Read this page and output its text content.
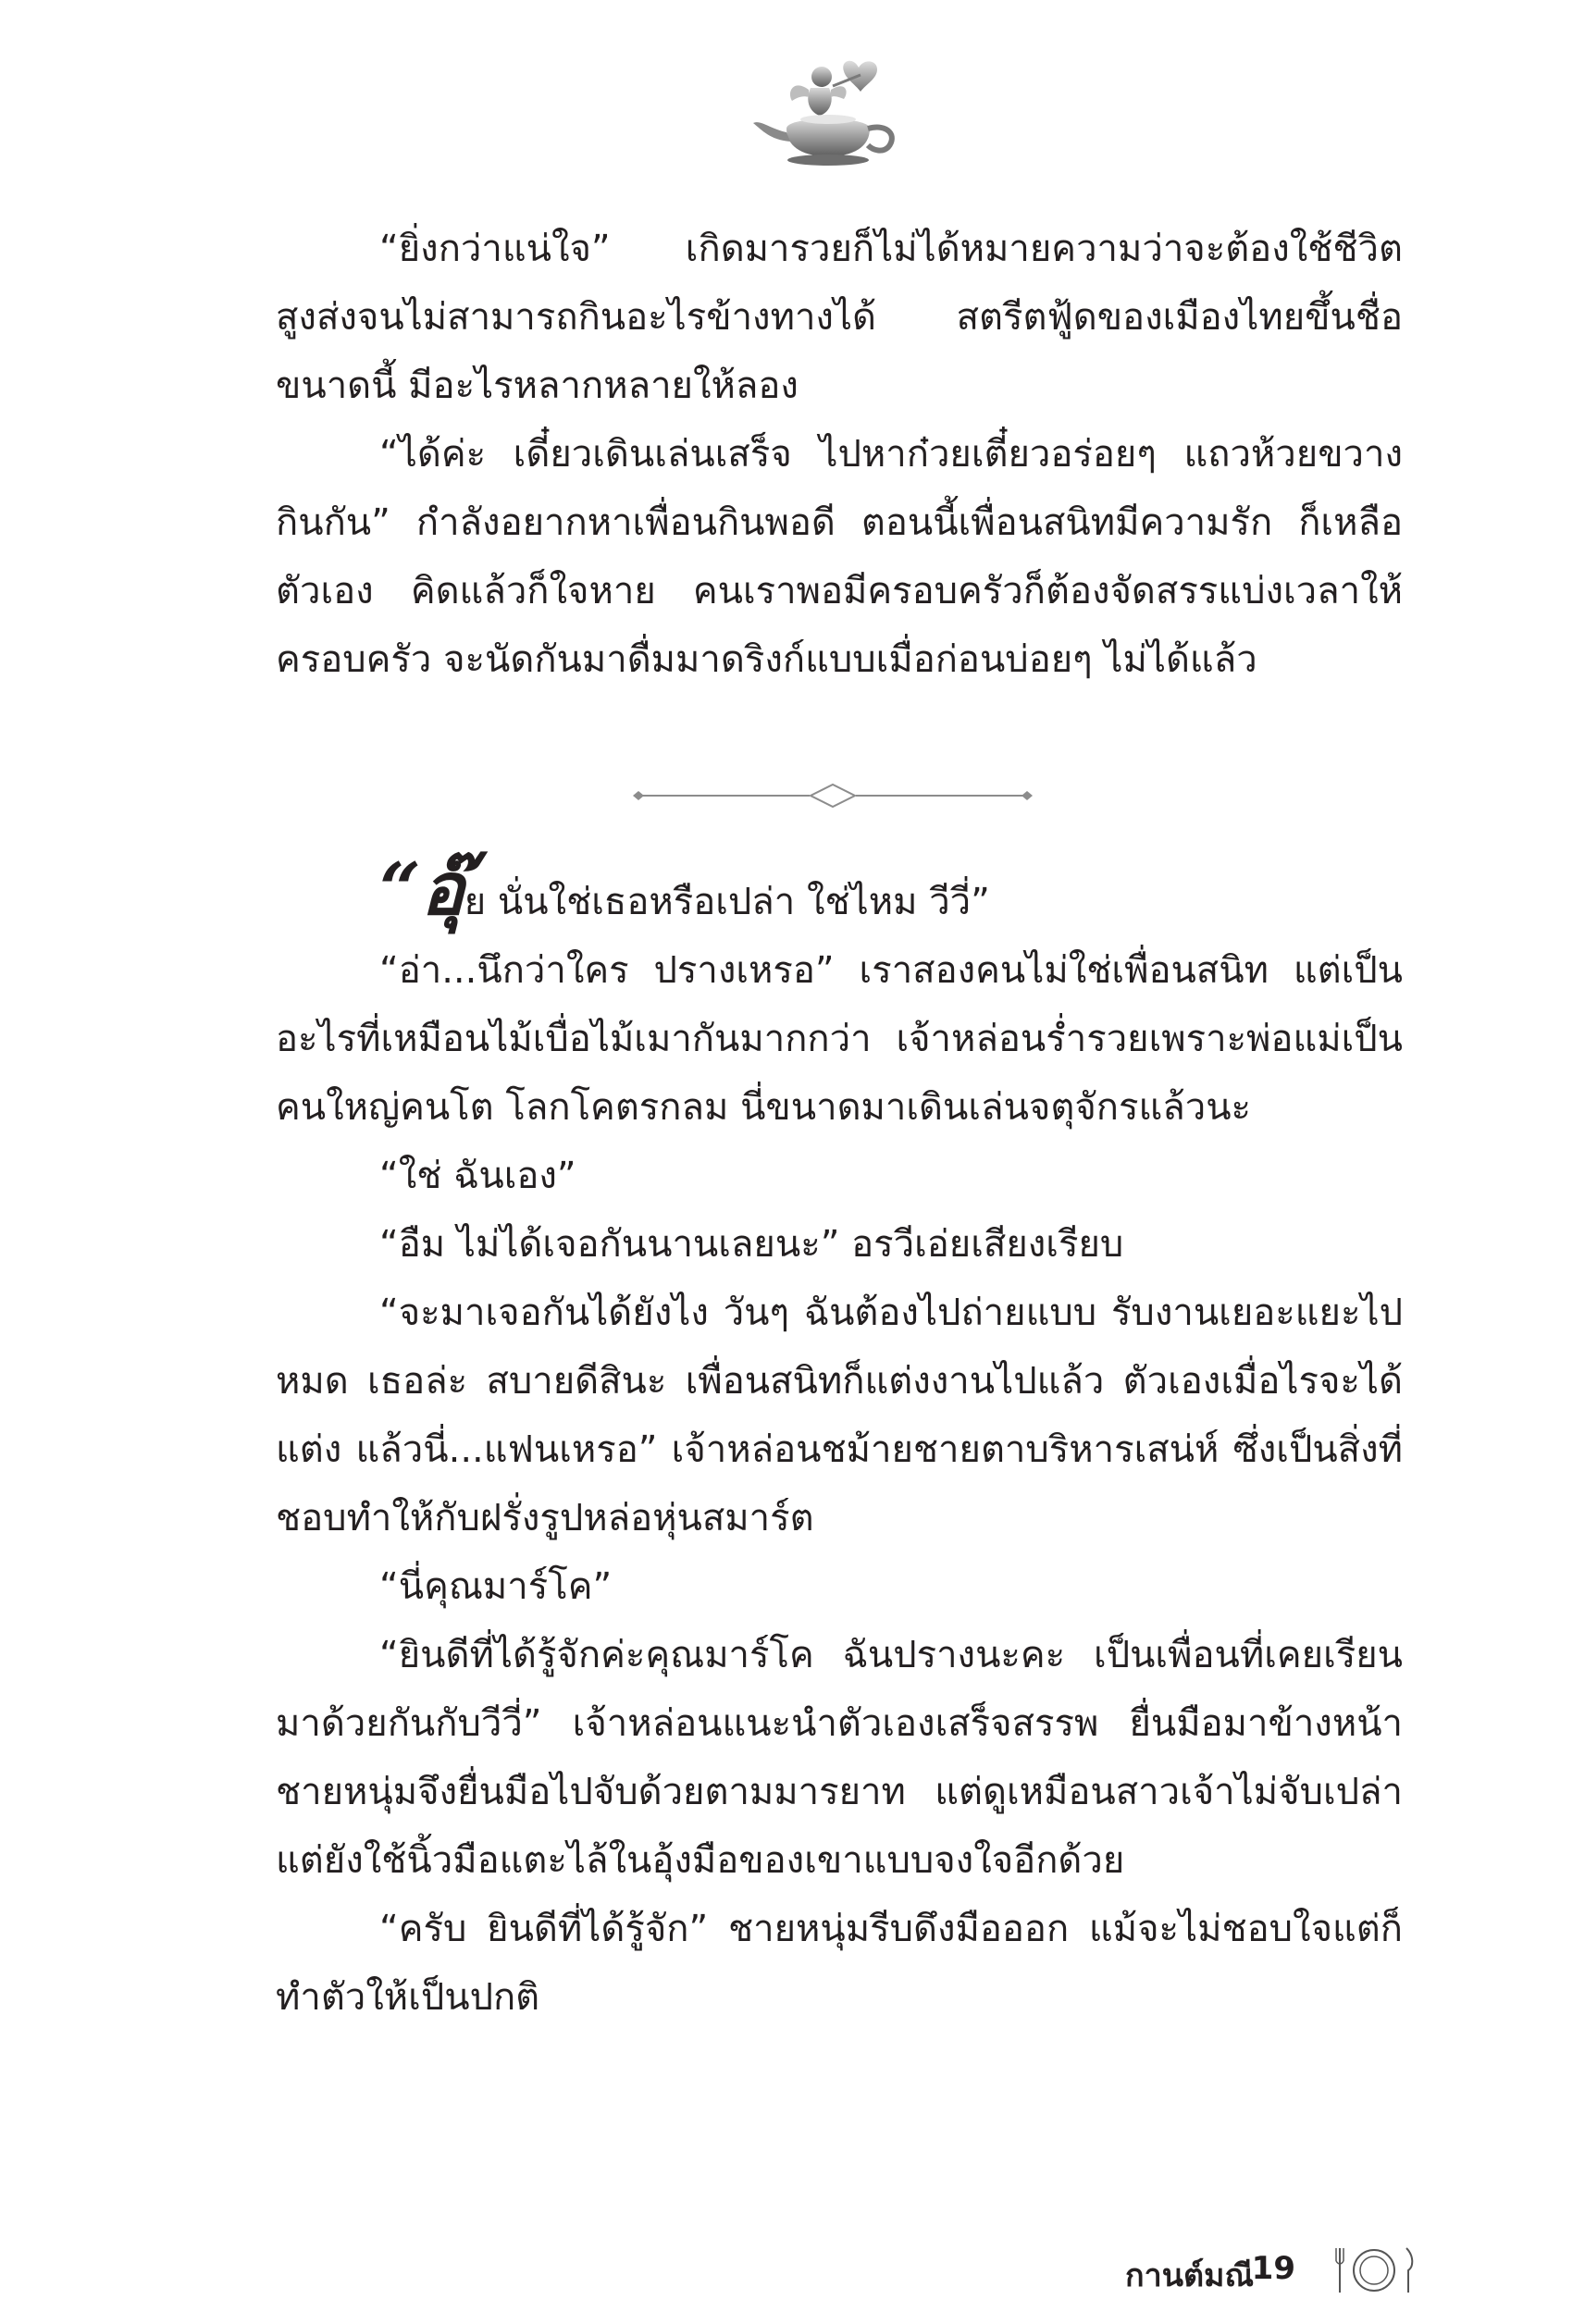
“ยิ่งกว่าแน่ใจ” เกิดมารวยก็ไม่ได้หมายความว่าจะต้องใช้ชีวิตสูงส่งจนไม่สามารถกินอะไรข้างทางได้ สตรีตฟู้ดของเมืองไทยขึ้นชื่อขนาดนี้ มีอะไรหลากหลายให้ลอง

“ได้ค่ะ เดี๋ยวเดินเล่นเสร็จ ไปหาก๋วยเตี๋ยวอร่อยๆ แถวห้วยขวางกินกัน” กำลังอยากหาเพื่อนกินพอดี ตอนนี้เพื่อนสนิทมีความรัก ก็เหลือตัวเอง คิดแล้วก็ใจหาย คนเราพอมีครอบครัวก็ต้องจัดสรรแบ่งเวลาให้ครอบครัว จะนัดกันมาดื่มมาดริงก์แบบเมื่อก่อนบ่อยๆ ไม่ได้แล้ว

“อุ๊ย นั่นใช่เธอหรือเปล่า ใช่ไหม วีวี่”

“อ่า...นึกว่าใคร ปรางเหรอ” เราสองคนไม่ใช่เพื่อนสนิท แต่เป็นอะไรที่เหมือนไม้เบื่อไม้เมากันมากกว่า เจ้าหล่อนร่ำรวยเพราะพ่อแม่เป็นคนใหญ่คนโต โลกโคตรกลม นี่ขนาดมาเดินเล่นจตุจักรแล้วนะ

“ใช่ ฉันเอง”

“อืม ไม่ได้เจอกันนานเลยนะ” อรวีเอ่ยเสียงเรียบ

“จะมาเจอกันได้ยังไง วันๆ ฉันต้องไปถ่ายแบบ รับงานเยอะแยะไปหมด เธอล่ะ สบายดีสินะ เพื่อนสนิทก็แต่งงานไปแล้ว ตัวเองเมื่อไรจะได้แต่ง แล้วนี่...แฟนเหรอ” เจ้าหล่อนชม้ายชายตาบริหารเสน่ห์ ซึ่งเป็นสิ่งที่ชอบทำให้กับฝรั่งรูปหล่อหุ่นสมาร์ต

“นี่คุณมาร์โค”

“ยินดีที่ได้รู้จักค่ะคุณมาร์โค ฉันปรางนะคะ เป็นเพื่อนที่เคยเรียนมาด้วยกันกับวีวี่” เจ้าหล่อนแนะนำตัวเองเสร็จสรรพ ยื่นมือมาข้างหน้า ชายหนุ่มจึงยื่นมือไปจับด้วยตามมารยาท แต่ดูเหมือนสาวเจ้าไม่จับเปล่า แต่ยังใช้นิ้วมือแตะไล้ในอุ้งมือของเขาแบบจงใจอีกด้วย

“ครับ ยินดีที่ได้รู้จัก” ชายหนุ่มรีบดึงมือออก แม้จะไม่ชอบใจแต่ก็ทำตัวให้เป็นปกติ

กานต์มณี
19
